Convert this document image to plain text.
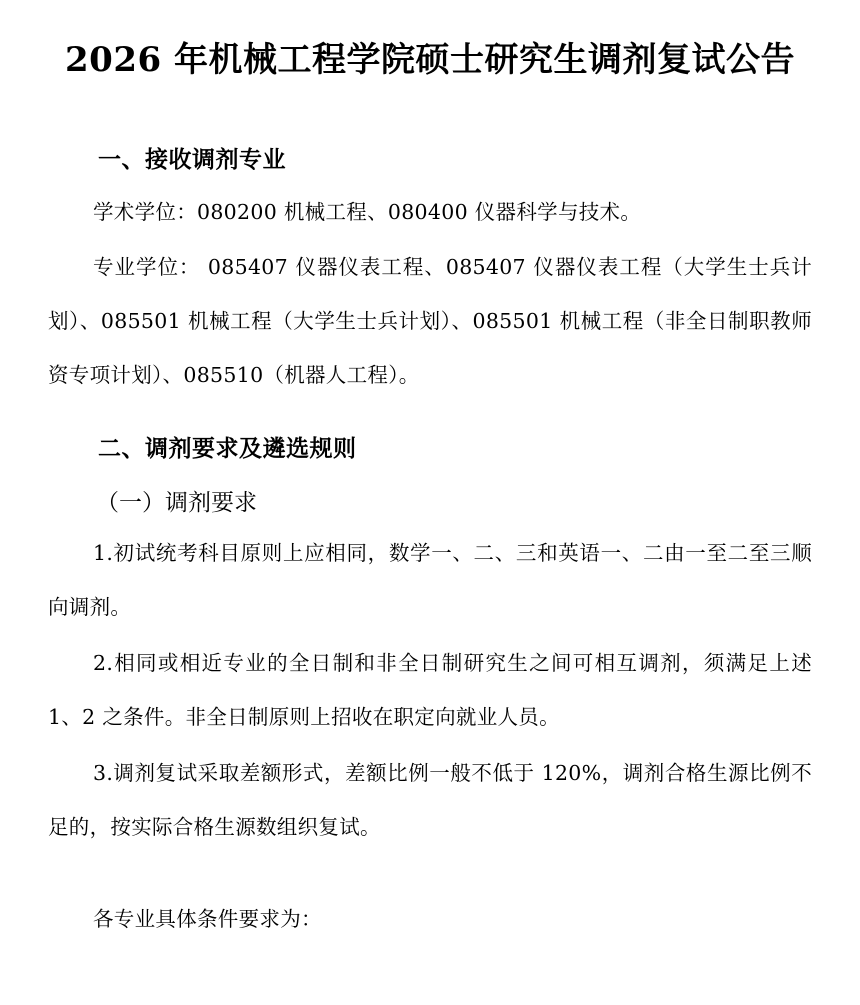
2026 年机械工程学院硕士研究生调剂复试公告
一、接收调剂专业
学术学位：080200 机械工程、080400 仪器科学与技术。
专业学位： 085407 仪器仪表工程、085407 仪器仪表工程（大学生士兵计划）、085501 机械工程（大学生士兵计划）、085501 机械工程（非全日制职教师资专项计划）、085510（机器人工程）。
二、调剂要求及遴选规则
（一）调剂要求
1.初试统考科目原则上应相同，数学一、二、三和英语一、二由一至二至三顺向调剂。
2.相同或相近专业的全日制和非全日制研究生之间可相互调剂，须满足上述 1、2 之条件。非全日制原则上招收在职定向就业人员。
3.调剂复试采取差额形式，差额比例一般不低于 120%，调剂合格生源比例不足的，按实际合格生源数组织复试。
各专业具体条件要求为：
